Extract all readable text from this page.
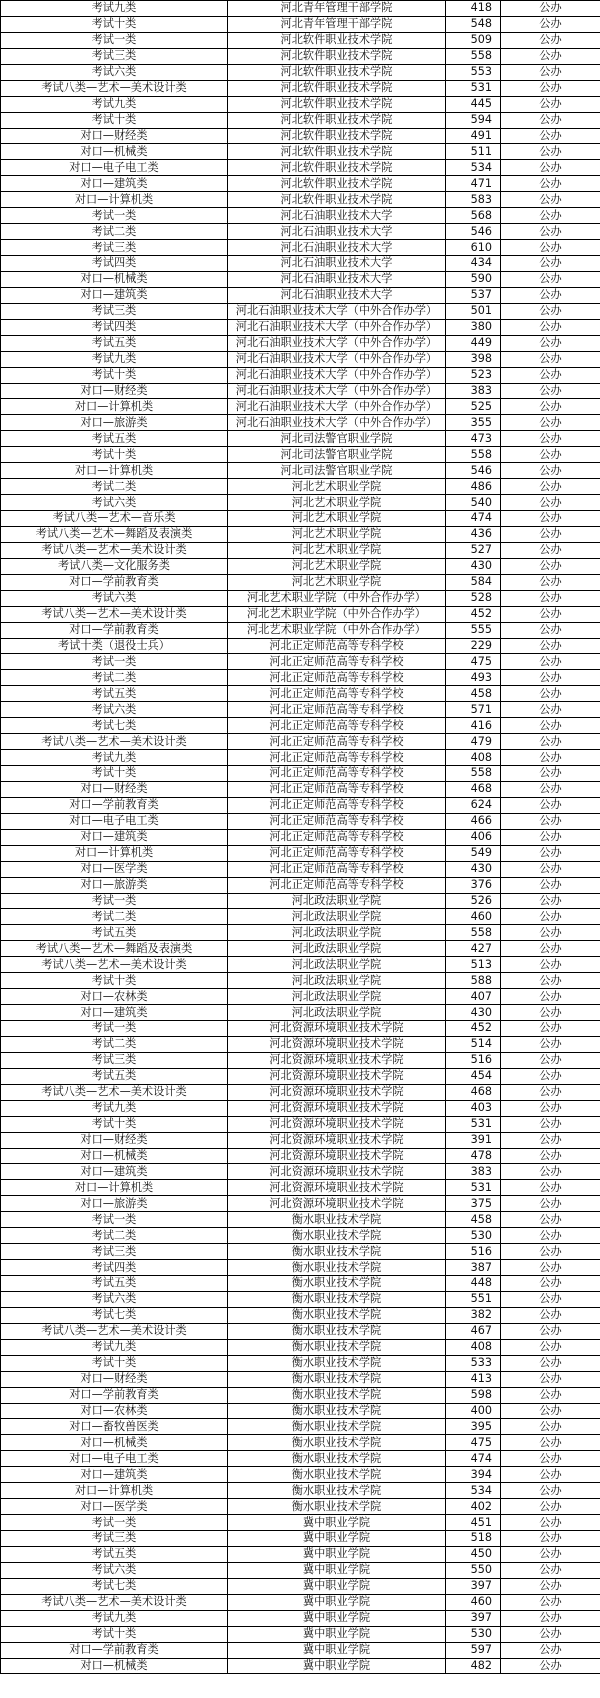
考试九类	河北青年管理干部学院	418	公办
考试十类	河北青年管理干部学院	548	公办
考试一类	河北软件职业技术学院	509	公办
考试三类	河北软件职业技术学院	558	公办
考试六类	河北软件职业技术学院	553	公办
考试八类—艺术—美术设计类	河北软件职业技术学院	531	公办
考试九类	河北软件职业技术学院	445	公办
考试十类	河北软件职业技术学院	594	公办
对口—财经类	河北软件职业技术学院	491	公办
对口—机械类	河北软件职业技术学院	511	公办
对口—电子电工类	河北软件职业技术学院	534	公办
对口—建筑类	河北软件职业技术学院	471	公办
对口—计算机类	河北软件职业技术学院	583	公办
考试一类	河北石油职业技术大学	568	公办
考试二类	河北石油职业技术大学	546	公办
考试三类	河北石油职业技术大学	610	公办
考试四类	河北石油职业技术大学	434	公办
对口—机械类	河北石油职业技术大学	590	公办
对口—建筑类	河北石油职业技术大学	537	公办
考试三类	河北石油职业技术大学（中外合作办学）	501	公办
考试四类	河北石油职业技术大学（中外合作办学）	380	公办
考试五类	河北石油职业技术大学（中外合作办学）	449	公办
考试九类	河北石油职业技术大学（中外合作办学）	398	公办
考试十类	河北石油职业技术大学（中外合作办学）	523	公办
对口—财经类	河北石油职业技术大学（中外合作办学）	383	公办
对口—计算机类	河北石油职业技术大学（中外合作办学）	525	公办
对口—旅游类	河北石油职业技术大学（中外合作办学）	355	公办
考试五类	河北司法警官职业学院	473	公办
考试十类	河北司法警官职业学院	558	公办
对口—计算机类	河北司法警官职业学院	546	公办
考试二类	河北艺术职业学院	486	公办
考试六类	河北艺术职业学院	540	公办
考试八类—艺术—音乐类	河北艺术职业学院	474	公办
考试八类—艺术—舞蹈及表演类	河北艺术职业学院	436	公办
考试八类—艺术—美术设计类	河北艺术职业学院	527	公办
考试八类—文化服务类	河北艺术职业学院	430	公办
对口—学前教育类	河北艺术职业学院	584	公办
考试六类	河北艺术职业学院（中外合作办学）	528	公办
考试八类—艺术—美术设计类	河北艺术职业学院（中外合作办学）	452	公办
对口—学前教育类	河北艺术职业学院（中外合作办学）	555	公办
考试十类（退役士兵）	河北正定师范高等专科学校	229	公办
考试一类	河北正定师范高等专科学校	475	公办
考试二类	河北正定师范高等专科学校	493	公办
考试五类	河北正定师范高等专科学校	458	公办
考试六类	河北正定师范高等专科学校	571	公办
考试七类	河北正定师范高等专科学校	416	公办
考试八类—艺术—美术设计类	河北正定师范高等专科学校	479	公办
考试九类	河北正定师范高等专科学校	408	公办
考试十类	河北正定师范高等专科学校	558	公办
对口—财经类	河北正定师范高等专科学校	468	公办
对口—学前教育类	河北正定师范高等专科学校	624	公办
对口—电子电工类	河北正定师范高等专科学校	466	公办
对口—建筑类	河北正定师范高等专科学校	406	公办
对口—计算机类	河北正定师范高等专科学校	549	公办
对口—医学类	河北正定师范高等专科学校	430	公办
对口—旅游类	河北正定师范高等专科学校	376	公办
考试一类	河北政法职业学院	526	公办
考试二类	河北政法职业学院	460	公办
考试五类	河北政法职业学院	558	公办
考试八类—艺术—舞蹈及表演类	河北政法职业学院	427	公办
考试八类—艺术—美术设计类	河北政法职业学院	513	公办
考试十类	河北政法职业学院	588	公办
对口—农林类	河北政法职业学院	407	公办
对口—建筑类	河北政法职业学院	430	公办
考试一类	河北资源环境职业技术学院	452	公办
考试二类	河北资源环境职业技术学院	514	公办
考试三类	河北资源环境职业技术学院	516	公办
考试五类	河北资源环境职业技术学院	454	公办
考试八类—艺术—美术设计类	河北资源环境职业技术学院	468	公办
考试九类	河北资源环境职业技术学院	403	公办
考试十类	河北资源环境职业技术学院	531	公办
对口—财经类	河北资源环境职业技术学院	391	公办
对口—机械类	河北资源环境职业技术学院	478	公办
对口—建筑类	河北资源环境职业技术学院	383	公办
对口—计算机类	河北资源环境职业技术学院	531	公办
对口—旅游类	河北资源环境职业技术学院	375	公办
考试一类	衡水职业技术学院	458	公办
考试二类	衡水职业技术学院	530	公办
考试三类	衡水职业技术学院	516	公办
考试四类	衡水职业技术学院	387	公办
考试五类	衡水职业技术学院	448	公办
考试六类	衡水职业技术学院	551	公办
考试七类	衡水职业技术学院	382	公办
考试八类—艺术—美术设计类	衡水职业技术学院	467	公办
考试九类	衡水职业技术学院	408	公办
考试十类	衡水职业技术学院	533	公办
对口—财经类	衡水职业技术学院	413	公办
对口—学前教育类	衡水职业技术学院	598	公办
对口—农林类	衡水职业技术学院	400	公办
对口—畜牧兽医类	衡水职业技术学院	395	公办
对口—机械类	衡水职业技术学院	475	公办
对口—电子电工类	衡水职业技术学院	474	公办
对口—建筑类	衡水职业技术学院	394	公办
对口—计算机类	衡水职业技术学院	534	公办
对口—医学类	衡水职业技术学院	402	公办
考试一类	冀中职业学院	451	公办
考试三类	冀中职业学院	518	公办
考试五类	冀中职业学院	450	公办
考试六类	冀中职业学院	550	公办
考试七类	冀中职业学院	397	公办
考试八类—艺术—美术设计类	冀中职业学院	460	公办
考试九类	冀中职业学院	397	公办
考试十类	冀中职业学院	530	公办
对口—学前教育类	冀中职业学院	597	公办
对口—机械类	冀中职业学院	482	公办
